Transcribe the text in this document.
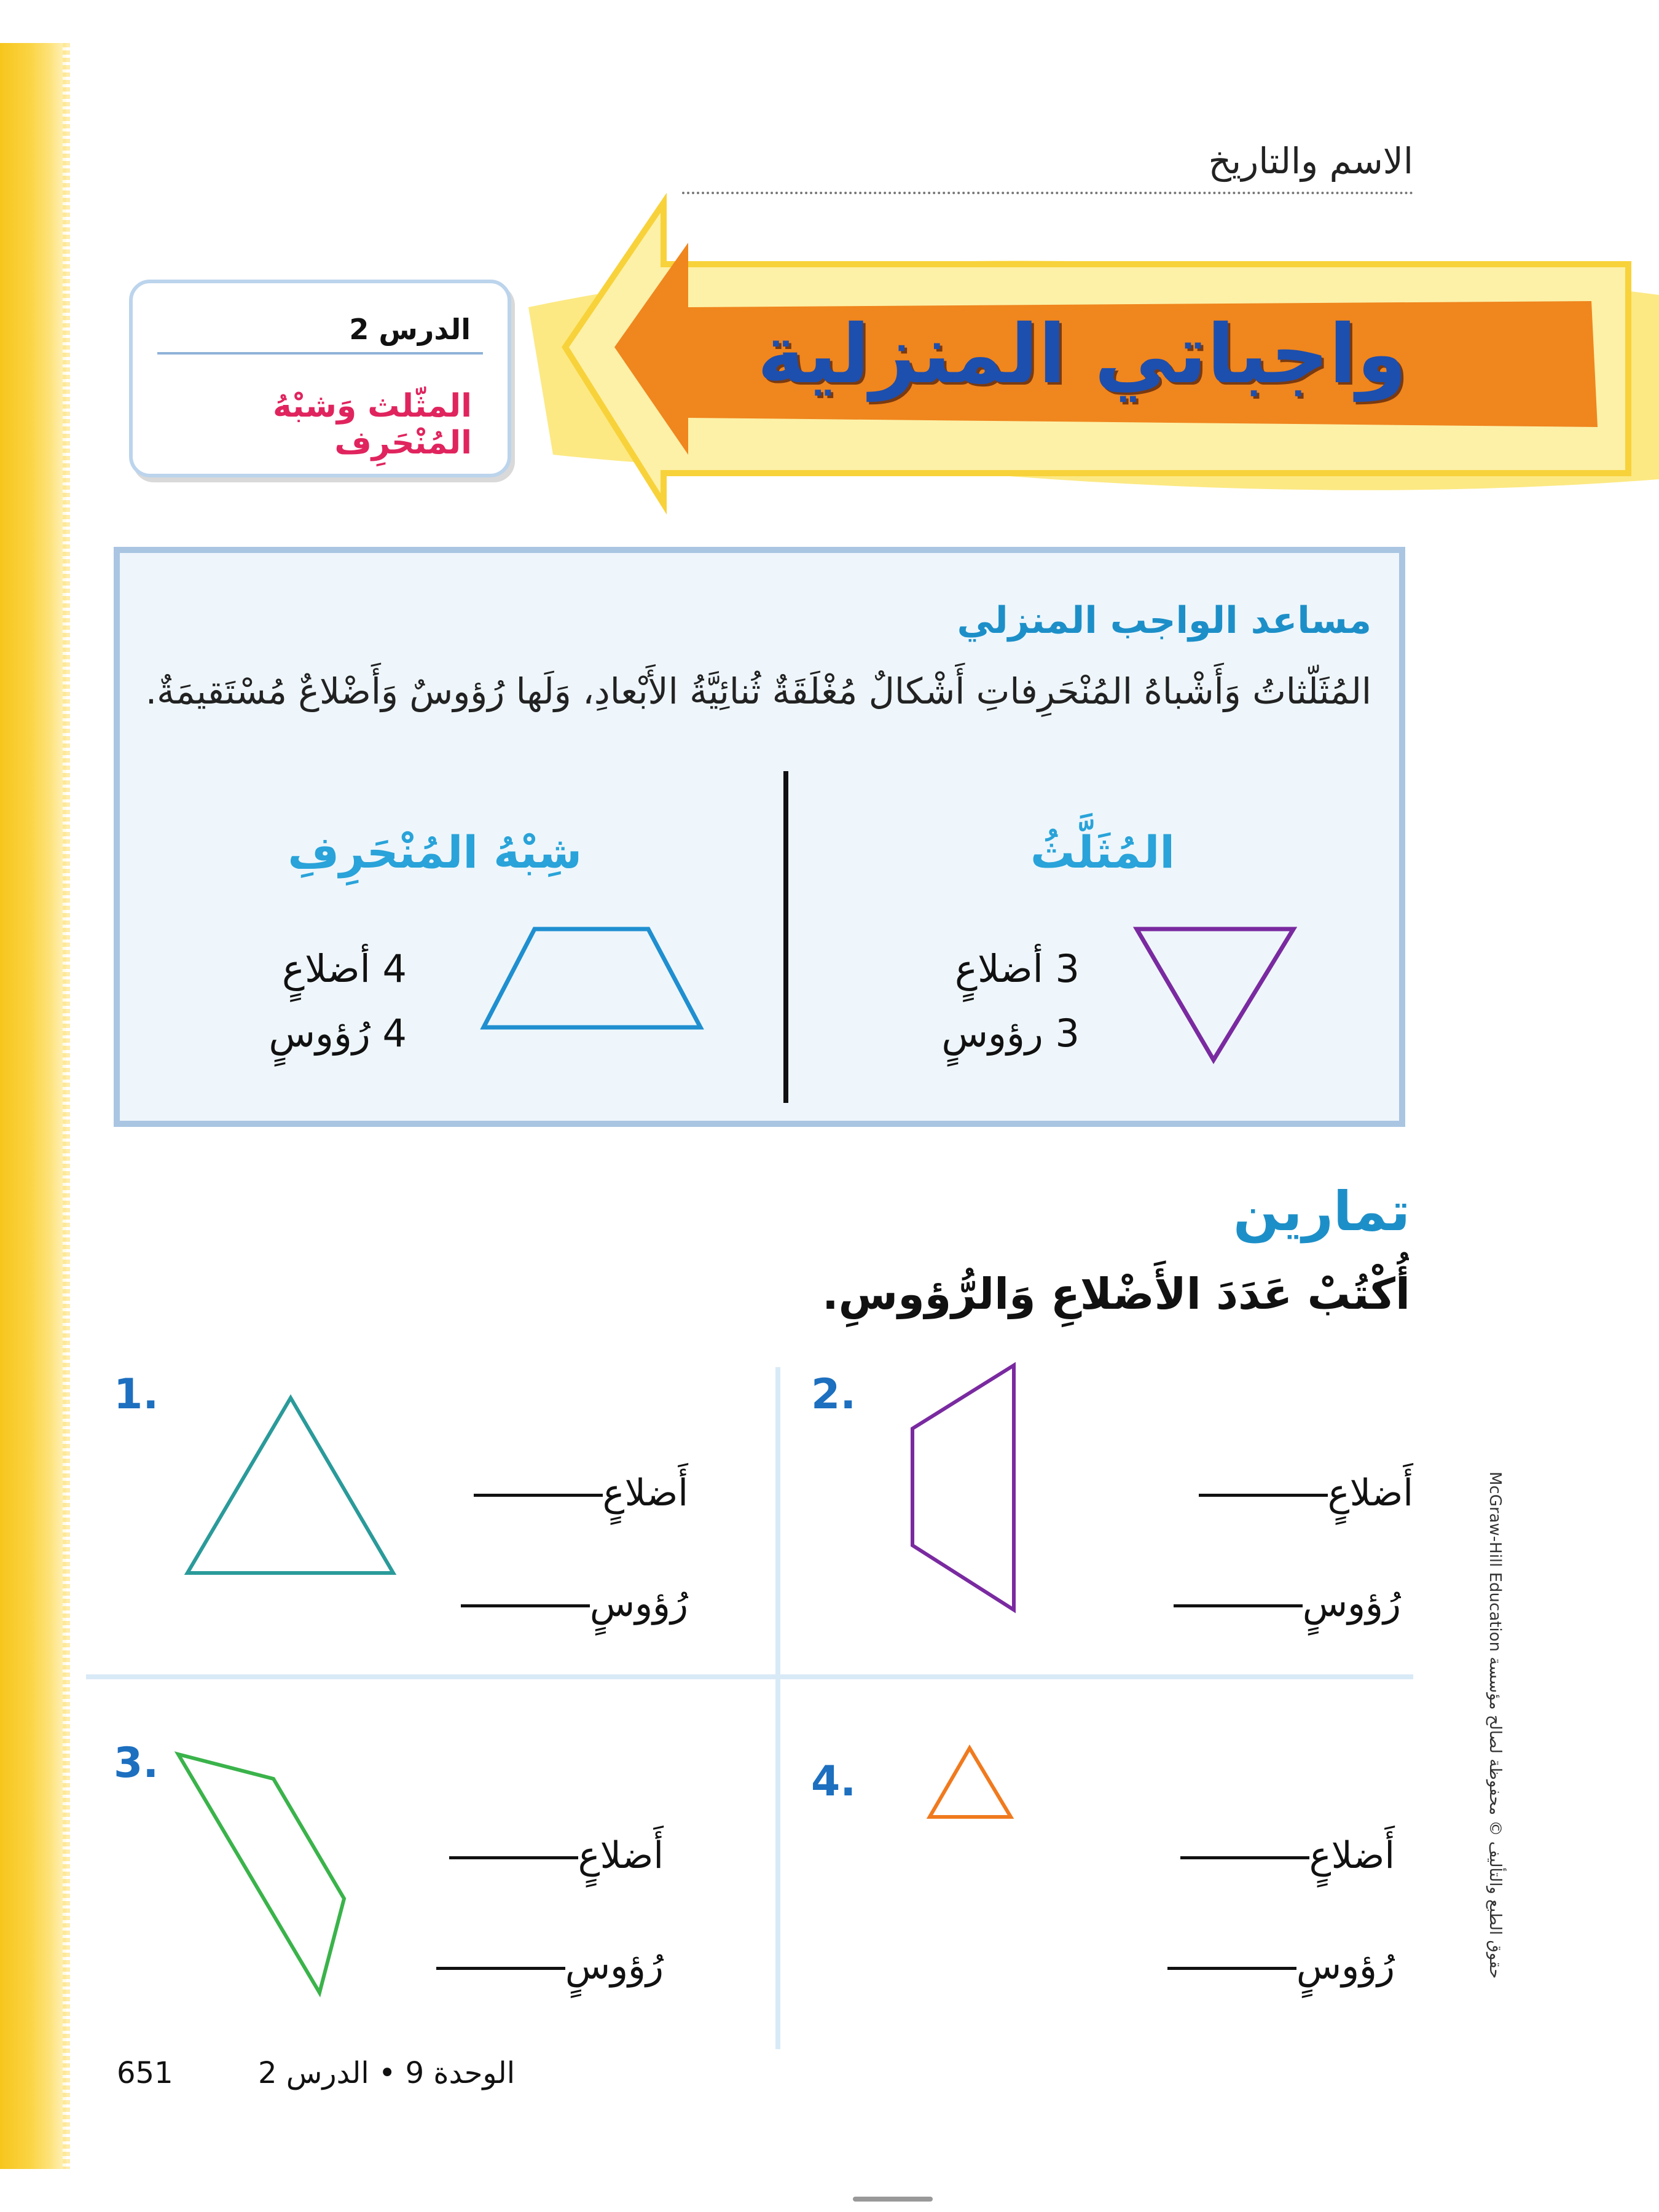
الاسم والتاريخ
واجباتي المنزلية
الدرس 2
المثّلث وَشبْهُ المُنْحَرِف
مساعد الواجب المنزلي
المُثَلّثاتُ وَأَشْباهُ المُنْحَرِفاتِ أَشْكالٌ مُغْلَقَةٌ ثُنائِيَّةُ الأَبْعادِ، وَلَها رُؤوسٌ وَأَضْلاعٌ مُسْتَقيمَةٌ.
المُثَلَّثُ
3 أضلاعٍ
3 رؤوسٍ
شِبْهُ المُنْحَرِفِ
4 أضلاعٍ
4 رُؤوسٍ
تمارين
أُكْتُبْ عَدَدَ الأَضْلاعِ وَالرُّؤوسِ.
1.
أَضلاعٍ
رُؤوسٍ
2.
أَضلاعٍ
رُؤوسٍ
3.
أَضلاعٍ
رُؤوسٍ
4.
أَضلاعٍ
رُؤوسٍ
651	الوحدة 9 • الدرس 2
McGraw-Hill Education حقوق الطبع والتأليف © محفوظة لصالح مؤسسة
